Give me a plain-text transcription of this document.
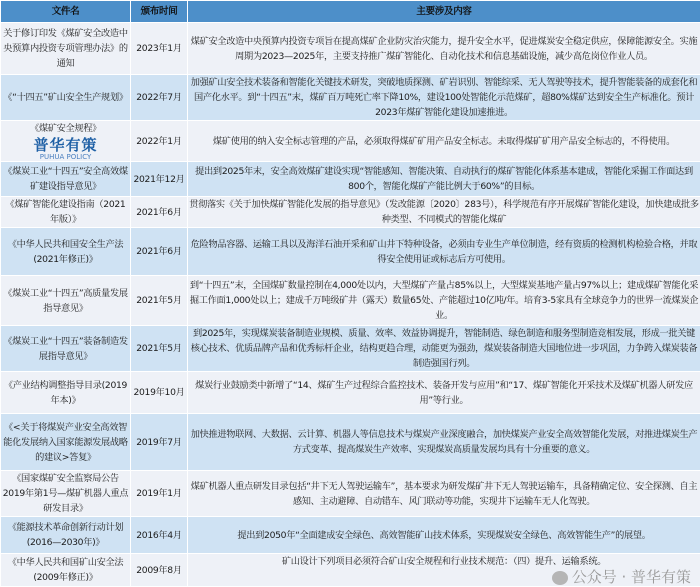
文件名	颁布时间	主要涉及内容

关于修订印发《煤矿安全改造中央预算内投资专项管理办法》的通知	2023年1月	煤矿安全改造中央预算内投资专项旨在提高煤矿企业防灾治灾能力，提升安全水平，促进煤炭安全稳定供应，保障能源安全。实施周期为2023—2025年，主要支持推广煤矿智能化、自动化技术和信息基础设施，减少高危岗位作业人员。

《“十四五”矿山安全生产规划》	2022年7月	加强矿山安全技术装备和智能化关键技术研发，突破地质探测、矿岩识别、智能综采、无人驾驶等技术，提升智能装备的成套化和国产化水平。到“十四五”末，煤矿百万吨死亡率下降10%，建设100处智能化示范煤矿，超80%煤矿达到安全生产标准化。预计2023年煤矿智能化建设加速推进。

《煤矿安全规程》
普华有策
PUHUA POLICY	2022年1月	煤矿使用的纳入安全标志管理的产品，必须取得煤矿矿用产品安全标志。未取得煤矿矿用产品安全标志的，不得使用。

《煤炭工业“十四五”安全高效煤矿建设指导意见》	2021年12月	提出到2025年末，安全高效煤矿建设实现“智能感知、智能决策、自动执行的煤矿智能化体系基本建成，智能化采掘工作面达到800个，智能化煤矿产能比例大于60%”的目标。

《煤矿智能化建设指南（2021年版）》	2021年6月	贯彻落实《关于加快煤矿智能化发展的指导意见》（发改能源〔2020〕283号），科学规范有序开展煤矿智能化建设，加快建成批多种类型、不同模式的智能化煤矿

《中华人民共和国安全生产法(2021年修正)》	2021年6月	危险物品容器、运输工具以及海洋石油开采和矿山井下特种设备，必须由专业生产单位制造，经有资质的检测机构检验合格，并取得安全使用证或标志后方可使用。

《煤炭工业“十四五”高质量发展指导意见》	2021年5月	到“十四五”末，全国煤矿数量控制在4,000处以内，大型煤矿产量占85%以上，大型煤炭基地产量占97%以上；建成煤矿智能化采掘工作面1,000处以上；建成千万吨级矿井（露天）数量65处、产能超过10亿吨/年。培育3-5家具有全球竞争力的世界一流煤炭企业。

《煤炭工业“十四五”装备制造发展指导意见》	2021年5月	到2025年，实现煤炭装备制造业规模、质量、效率、效益协调提升，智能制造、绿色制造和服务型制造竞相发展，形成一批关键核心技术、优质品牌产品和优秀标杆企业，结构更趋合理，动能更为强劲，煤炭装备制造大国地位进一步巩固，力争跨入煤炭装备制造强国行列。

《产业结构调整指导目录(2019年本)》	2019年10月	煤炭行业鼓励类中新增了“14、煤矿生产过程综合监控技术、装备开发与应用”和“17、煤矿智能化开采技术及煤矿机器人研发应用”等行业。

《<关于将煤炭产业安全高效智能化发展纳入国家能源发展战略的建议>答复》	2019年7月	加快推进物联网、大数据、云计算、机器人等信息技术与煤炭产业深度融合，加快煤炭产业安全高效智能化发展，对推进煤炭生产方式变革、提高煤炭生产效率、实现煤炭高质量发展均具有十分重要的意义。

《国家煤矿安全监察局公告2019年第1号—煤矿机器人重点研发目录》	2019年1月	煤矿机器人重点研发目录包括“井下无人驾驶运输车”，基本要求为研发煤矿井下无人驾驶运输车，具备精确定位、安全探测、自主感知、主动避障、自动错车、风门联动等功能，实现井下运输车无人化驾驶。

《能源技术革命创新行动计划(2016—2030年)》	2016年4月	提出到2050年“全面建成安全绿色、高效智能矿山技术体系，实现煤炭安全绿色、高效智能生产”的展望。

《中华人民共和国矿山安全法(2009年修正)》	2009年8月	矿山设计下列项目必须符合矿山安全规程和行业技术规范：（四）提升、运输系统。
公众号 · 普华有策
